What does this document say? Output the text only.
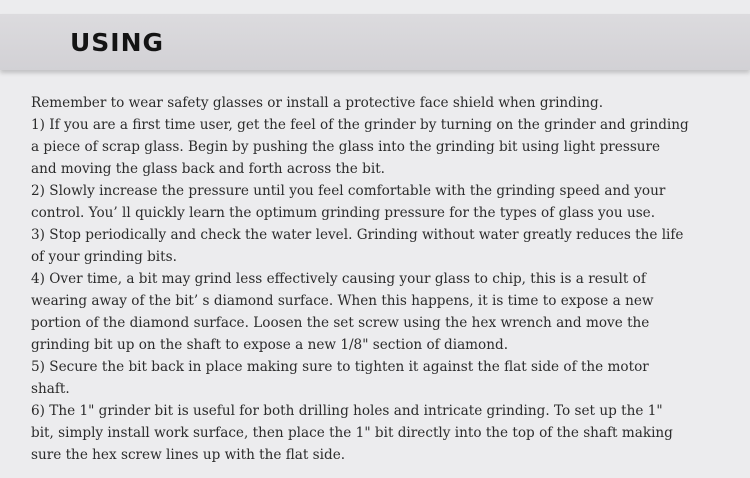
USING

Remember to wear safety glasses or install a protective face shield when grinding.

1) If you are a first time user, get the feel of the grinder by turning on the grinder and grinding

a piece of scrap glass. Begin by pushing the glass into the grinding bit using light pressure

and moving the glass back and forth across the bit.

2) Slowly increase the pressure until you feel comfortable with the grinding speed and your

control. You’ ll quickly learn the optimum grinding pressure for the types of glass you use.

3) Stop periodically and check the water level. Grinding without water greatly reduces the life

of your grinding bits.

4) Over time, a bit may grind less effectively causing your glass to chip, this is a result of

wearing away of the bit’ s diamond surface. When this happens, it is time to expose a new

portion of the diamond surface. Loosen the set screw using the hex wrench and move the

grinding bit up on the shaft to expose a new 1/8" section of diamond.

5) Secure the bit back in place making sure to tighten it against the flat side of the motor

shaft.

6) The 1" grinder bit is useful for both drilling holes and intricate grinding. To set up the 1"

bit, simply install work surface, then place the 1" bit directly into the top of the shaft making

sure the hex screw lines up with the flat side.
